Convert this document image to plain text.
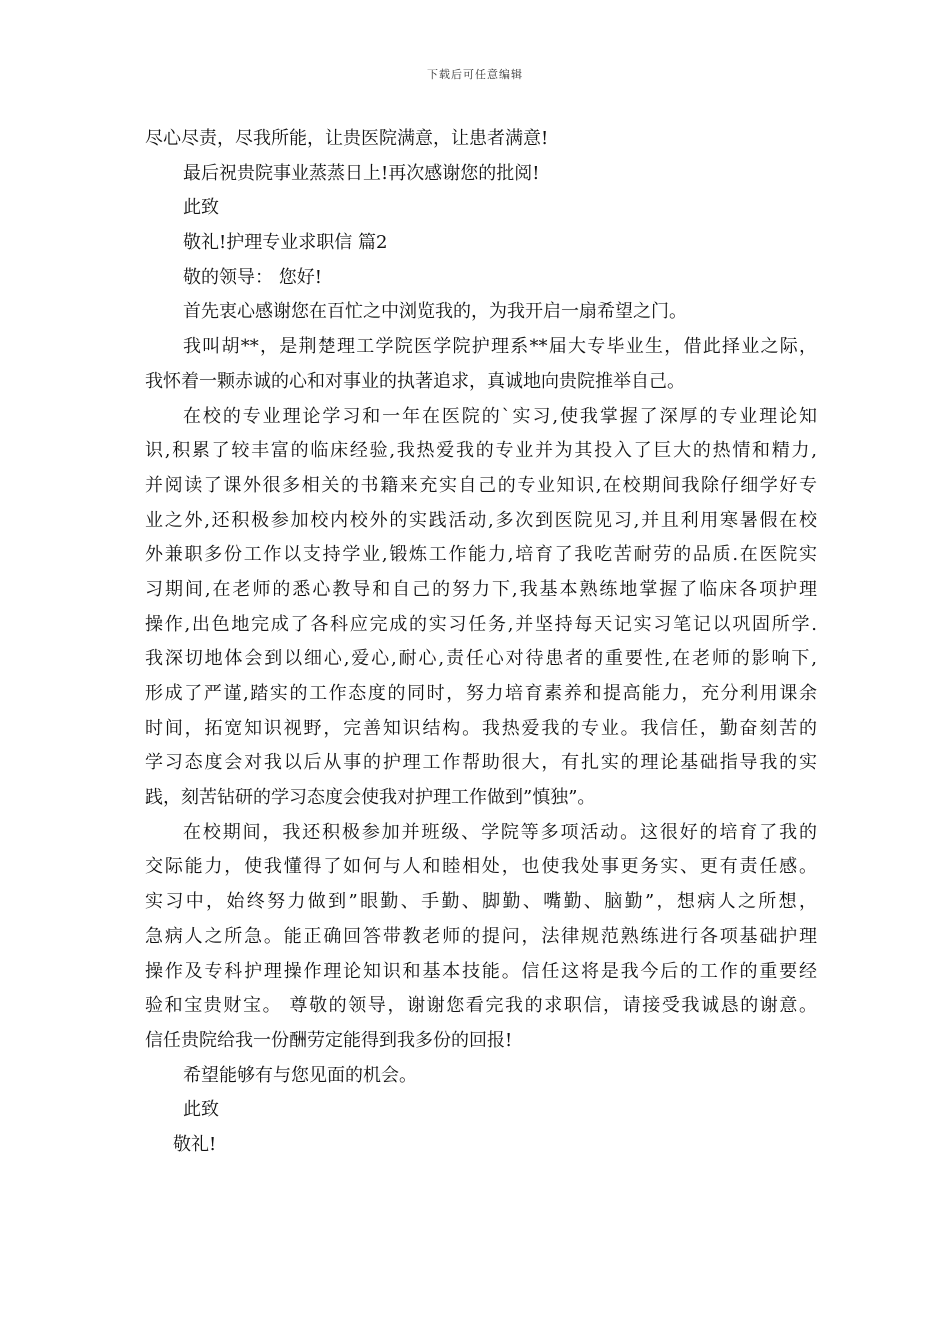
下载后可任意编辑
尽心尽责，尽我所能，让贵医院满意，让患者满意!
最后祝贵院事业蒸蒸日上!再次感谢您的批阅!
此致
敬礼!护理专业求职信 篇2
敬的领导： 您好!
首先衷心感谢您在百忙之中浏览我的，为我开启一扇希望之门。
我叫胡**，是荆楚理工学院医学院护理系**届大专毕业生，借此择业之际，
我怀着一颗赤诚的心和对事业的执著追求，真诚地向贵院推举自己。
在校的专业理论学习和一年在医院的`实习,使我掌握了深厚的专业理论知
识,积累了较丰富的临床经验,我热爱我的专业并为其投入了巨大的热情和精力,
并阅读了课外很多相关的书籍来充实自己的专业知识,在校期间我除仔细学好专
业之外,还积极参加校内校外的实践活动,多次到医院见习,并且利用寒暑假在校
外兼职多份工作以支持学业,锻炼工作能力,培育了我吃苦耐劳的品质.在医院实
习期间,在老师的悉心教导和自己的努力下,我基本熟练地掌握了临床各项护理
操作,出色地完成了各科应完成的实习任务,并坚持每天记实习笔记以巩固所学.
我深切地体会到以细心,爱心,耐心,责任心对待患者的重要性,在老师的影响下,
形成了严谨,踏实的工作态度的同时，努力培育素养和提高能力，充分利用课余
时间，拓宽知识视野，完善知识结构。我热爱我的专业。我信任，勤奋刻苦的
学习态度会对我以后从事的护理工作帮助很大，有扎实的理论基础指导我的实
践，刻苦钻研的学习态度会使我对护理工作做到”慎独”。
在校期间，我还积极参加并班级、学院等多项活动。这很好的培育了我的
交际能力，使我懂得了如何与人和睦相处，也使我处事更务实、更有责任感。
实习中，始终努力做到”眼勤、手勤、脚勤、嘴勤、脑勤”，想病人之所想，
急病人之所急。能正确回答带教老师的提问，法律规范熟练进行各项基础护理
操作及专科护理操作理论知识和基本技能。信任这将是我今后的工作的重要经
验和宝贵财宝。 尊敬的领导，谢谢您看完我的求职信，请接受我诚恳的谢意。
信任贵院给我一份酬劳定能得到我多份的回报!
希望能够有与您见面的机会。
此致
敬礼!
